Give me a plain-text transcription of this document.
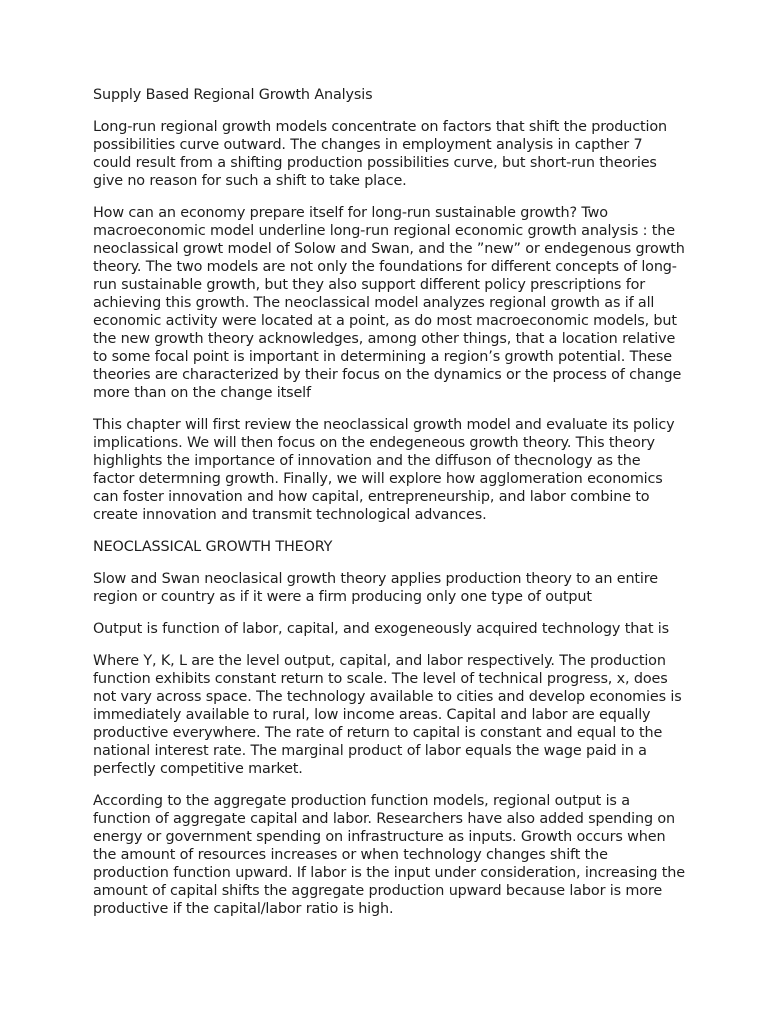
Supply Based Regional Growth Analysis

Long-run regional growth models concentrate on factors that shift the production possibilities curve outward. The changes in employment analysis in capther 7 could result from a shifting production possibilities curve, but short-run theories give no reason for such a shift to take place.

How can an economy prepare itself for long-run sustainable growth? Two macroeconomic model underline long-run regional economic growth analysis : the neoclassical growt model of Solow and Swan, and the ”new” or endegenous growth theory. The two models are not only the foundations for different concepts of long-run sustainable growth, but they also support different policy prescriptions for achieving this growth. The neoclassical model analyzes regional growth as if all economic activity were located at a point, as do most macroeconomic models, but the new growth theory acknowledges, among other things, that a location relative to some focal point is important in determining a region’s growth potential. These theories are characterized by their focus on the dynamics or the process of change more than on the change itself

This chapter will first review the neoclassical growth model and evaluate its policy implications. We will then focus on the endegeneous growth theory. This theory highlights the importance of innovation and the diffuson of thecnology as the factor determning growth. Finally, we will explore how agglomeration economics can foster innovation and how capital, entrepreneurship, and labor combine to create innovation and transmit technological advances.

NEOCLASSICAL GROWTH THEORY

Slow and Swan neoclasical growth theory applies production theory to an entire region or country as if it were a firm producing only one type of output

Output is function of labor, capital, and exogeneously acquired technology that is

Where Y, K, L are the level output, capital, and labor respectively. The production function exhibits constant return to scale. The level of technical progress, x, does not vary across space. The technology available to cities and develop economies is immediately available to rural, low income areas. Capital and labor are equally productive everywhere. The rate of return to capital is constant and equal to the national interest rate. The marginal product of labor equals the wage paid in a perfectly competitive market.

According to the aggregate production function models, regional output is a function of aggregate capital and labor. Researchers have also added spending on energy or government spending on infrastructure as inputs. Growth occurs when the amount of resources increases or when technology changes shift the production function upward. If labor is the input under consideration, increasing the amount of capital shifts the aggregate production upward because labor is more productive if the capital/labor ratio is high.
